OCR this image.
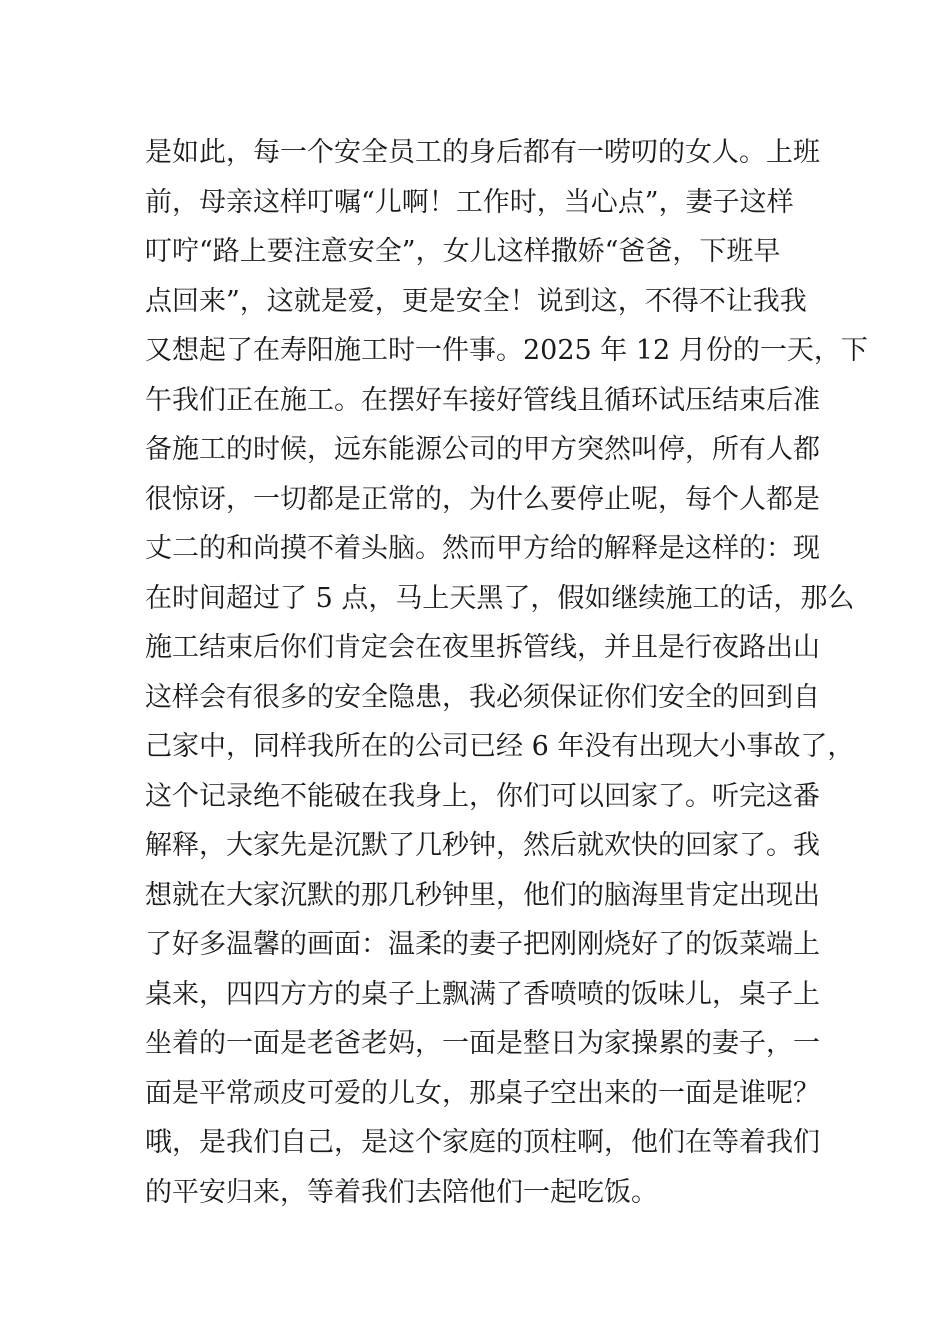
是如此，每一个安全员工的身后都有一唠叨的女人。上班
前，母亲这样叮嘱“儿啊！工作时，当心点”，妻子这样
叮咛“路上要注意安全”，女儿这样撒娇“爸爸，下班早
点回来”，这就是爱，更是安全！说到这，不得不让我我
又想起了在寿阳施工时一件事。2025 年 12 月份的一天，下
午我们正在施工。在摆好车接好管线且循环试压结束后准
备施工的时候，远东能源公司的甲方突然叫停，所有人都
很惊讶，一切都是正常的，为什么要停止呢，每个人都是
丈二的和尚摸不着头脑。然而甲方给的解释是这样的：现
在时间超过了 5 点，马上天黑了，假如继续施工的话，那么
施工结束后你们肯定会在夜里拆管线，并且是行夜路出山
这样会有很多的安全隐患，我必须保证你们安全的回到自
己家中，同样我所在的公司已经 6 年没有出现大小事故了，
这个记录绝不能破在我身上，你们可以回家了。听完这番
解释，大家先是沉默了几秒钟，然后就欢快的回家了。我
想就在大家沉默的那几秒钟里，他们的脑海里肯定出现出
了好多温馨的画面：温柔的妻子把刚刚烧好了的饭菜端上
桌来，四四方方的桌子上飘满了香喷喷的饭味儿，桌子上
坐着的一面是老爸老妈，一面是整日为家操累的妻子，一
面是平常顽皮可爱的儿女，那桌子空出来的一面是谁呢？
哦，是我们自己，是这个家庭的顶柱啊，他们在等着我们
的平安归来，等着我们去陪他们一起吃饭。
